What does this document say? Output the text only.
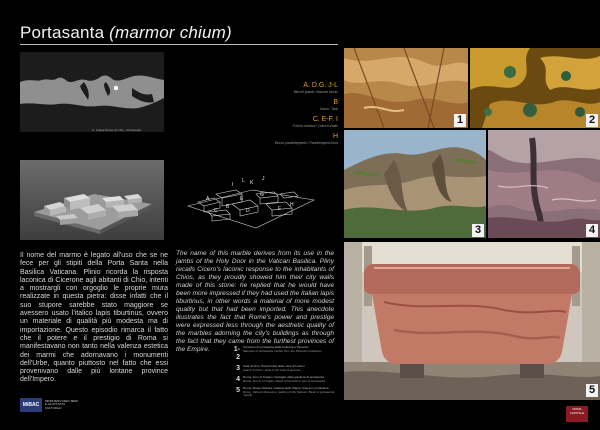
Portasanta (marmor chium)
C. Cassa Rosso di Chio - Portasanta
A. D.G. J-L
Blocchi grandi / Massive blocks
B
Vasca / Tank
C. E-F. I
Fusti di colonna / Column shafts
H
Blocco parallelepipedo / Parallelepiped block
A
B
C	D
E
F
G
H
I
J
K
L
Il nome del marmo è legato all'uso che se ne fece per gli stipiti della Porta Santa nella Basilica Vaticana. Plinio ricorda la risposta laconica di Cicerone agli abitanti di Chio, intenti a mostrargli con orgoglio le proprie mura realizzate in questa pietra: disse infatti che il suo stupore sarebbe stato maggiore se avessero usato l'italico lapis tiburtinus, ovvero un materiale di qualità più modesta ma di importazione. Questo episodio rimarca il fatto che il potere e il prestigio di Roma si manifestavano non tanto nella valenza estetica dei marmi che adornavano i monumenti dell'Urbe, quanto piuttosto nel fatto che essi provenivano dalle più lontane province dell'Impero.
The name of this marble derives from its use in the jambs of the Holy Door in the Vatican Basilica. Pliny recalls Cicero's laconic response to the inhabitants of Chios, as they proudly showed him their city walls made of this stone: he replied that he would have been more impressed if they had used the Italian lapis tiburtinus, in other words a material of more modest quality but that had been imported. This anecdote illustrates the fact that Rome's power and prestige were expressed less through the aesthetic quality of the marbles adorning the city's buildings as through the fact that they came from the furthest provinces of the Empire.	1-2
Campioni di portasanta dalla Collezione Pescetto
Samples of portasanta marble from the Pescetto Collection
3 Isola di Chio: Panoramica delle cave di Latomi
Island of Chios: View of the Latomi quarries
4 Roma, Foro di Traiano: Dettaglio della giacitura di portasanta
Rome, Forum of Trajan: Detail of the fluid in-situ of portasanta
5 Roma, Musei Vaticani, Galleria delle Statue: Vasca in portasanta
Rome, Vatican Museums, Gallery of the Statues: Basin in portasanta marble
MiBAC
MINISTERO PER I BENI E LE ATTIVITÀ CULTURALI	ROMA CAPITALE
1	2
3	4
5
